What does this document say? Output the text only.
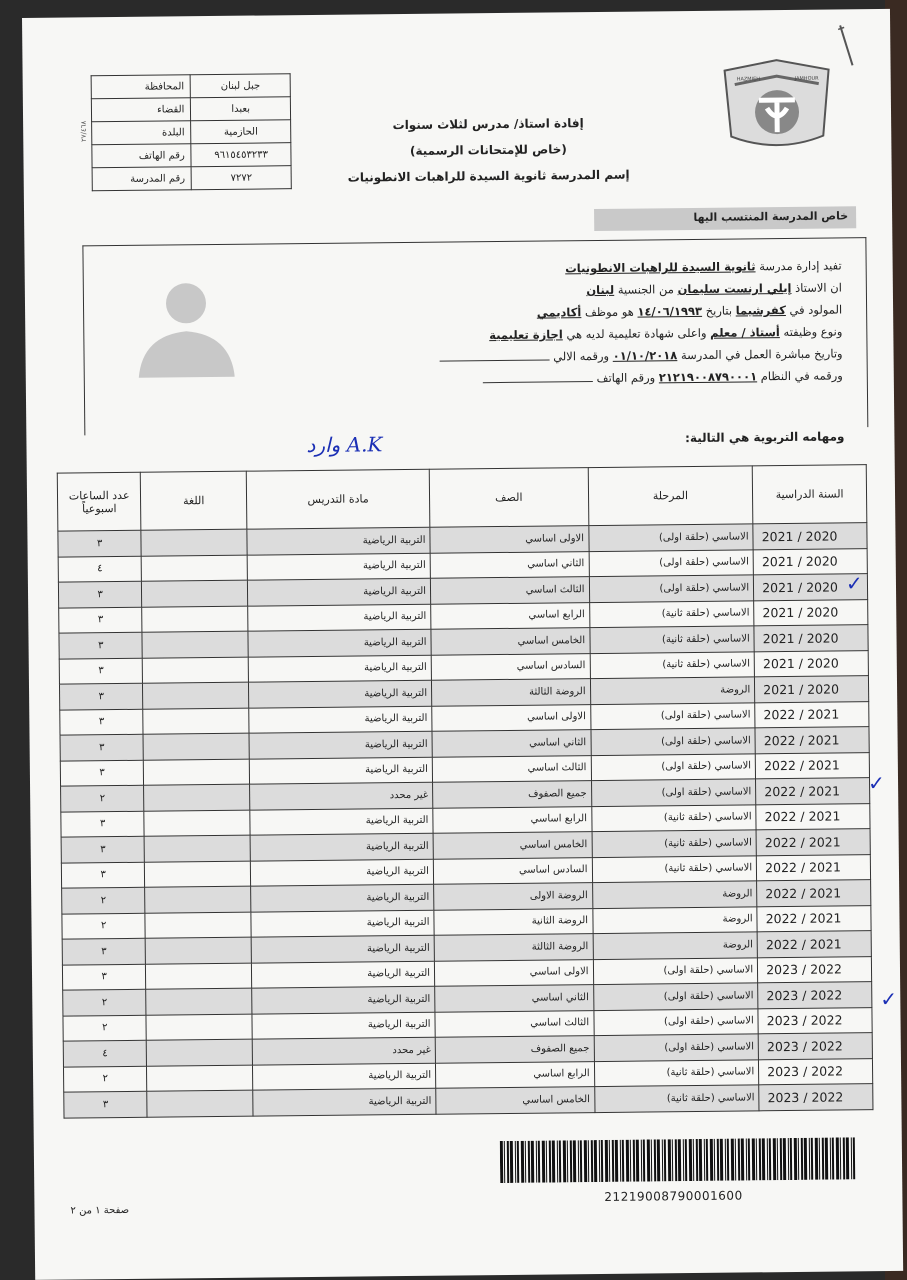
HAZMIEH	JAMHOUR
المحافظة	جبل لبنان
القضاء	بعبدا
البلدة	الحازمية
رقم الهاتف	٩٦١٥٤٥٣٢٣٣
رقم المدرسة	٧٢٧٢
٢٧/٤٦٨	إفادة استاذ/ مدرس لثلاث سنوات
(خاص للإمتحانات الرسمية)
إسم المدرسة ثانوية السيدة للراهبات الانطونيات
خاص المدرسة المنتسب اليها
تفيد إدارة مدرسة ثانوية السيدة للراهبات الانطونيات
ان الاستاذ إيلي ارنست سليمان من الجنسية لبنان
المولود في كفرشيما بتاريخ ١٤/٠٦/١٩٩٣ هو موظف أكاديمي
ونوع وظيفته أستاذ / معلم واعلى شهادة تعليمية لديه هي اجازة تعليمية
وتاريخ مباشرة العمل في المدرسة ٠١/١٠/٢٠١٨ ورقمه الالي
ورقمه في النظام ٢١٢١٩٠٠٨٧٩٠٠٠١ ورقم الهاتف
ومهامه التربوية هي التالية:
وارد A.K
السنة الدراسية	المرحلة	الصف	مادة التدريس	اللغة	عدد الساعات اسبوعياً
2021 / 2020	الاساسي (حلقة اولى)	الاولى اساسي	التربية الرياضية		٣
2021 / 2020	الاساسي (حلقة اولى)	الثاني اساسي	التربية الرياضية		٤
2021 / 2020	الاساسي (حلقة اولى)	الثالث اساسي	التربية الرياضية		٣
2021 / 2020	الاساسي (حلقة ثانية)	الرابع اساسي	التربية الرياضية		٣
2021 / 2020	الاساسي (حلقة ثانية)	الخامس اساسي	التربية الرياضية		٣
2021 / 2020	الاساسي (حلقة ثانية)	السادس اساسي	التربية الرياضية		٣
2021 / 2020	الروضة	الروضة الثالثة	التربية الرياضية		٣
2022 / 2021	الاساسي (حلقة اولى)	الاولى اساسي	التربية الرياضية		٣
2022 / 2021	الاساسي (حلقة اولى)	الثاني اساسي	التربية الرياضية		٣
2022 / 2021	الاساسي (حلقة اولى)	الثالث اساسي	التربية الرياضية		٣
2022 / 2021	الاساسي (حلقة اولى)	جميع الصفوف	غير محدد		٢
2022 / 2021	الاساسي (حلقة ثانية)	الرابع اساسي	التربية الرياضية		٣
2022 / 2021	الاساسي (حلقة ثانية)	الخامس اساسي	التربية الرياضية		٣
2022 / 2021	الاساسي (حلقة ثانية)	السادس اساسي	التربية الرياضية		٣
2022 / 2021	الروضة	الروضة الاولى	التربية الرياضية		٢
2022 / 2021	الروضة	الروضة الثانية	التربية الرياضية		٢
2022 / 2021	الروضة	الروضة الثالثة	التربية الرياضية		٣
2023 / 2022	الاساسي (حلقة اولى)	الاولى اساسي	التربية الرياضية		٣
2023 / 2022	الاساسي (حلقة اولى)	الثاني اساسي	التربية الرياضية		٢
2023 / 2022	الاساسي (حلقة اولى)	الثالث اساسي	التربية الرياضية		٢
2023 / 2022	الاساسي (حلقة اولى)	جميع الصفوف	غير محدد		٤
2023 / 2022	الاساسي (حلقة ثانية)	الرابع اساسي	التربية الرياضية		٢
2023 / 2022	الاساسي (حلقة ثانية)	الخامس اساسي	التربية الرياضية		٣
✓
✓
✓
21219008790001600
صفحة ١ من ٢
